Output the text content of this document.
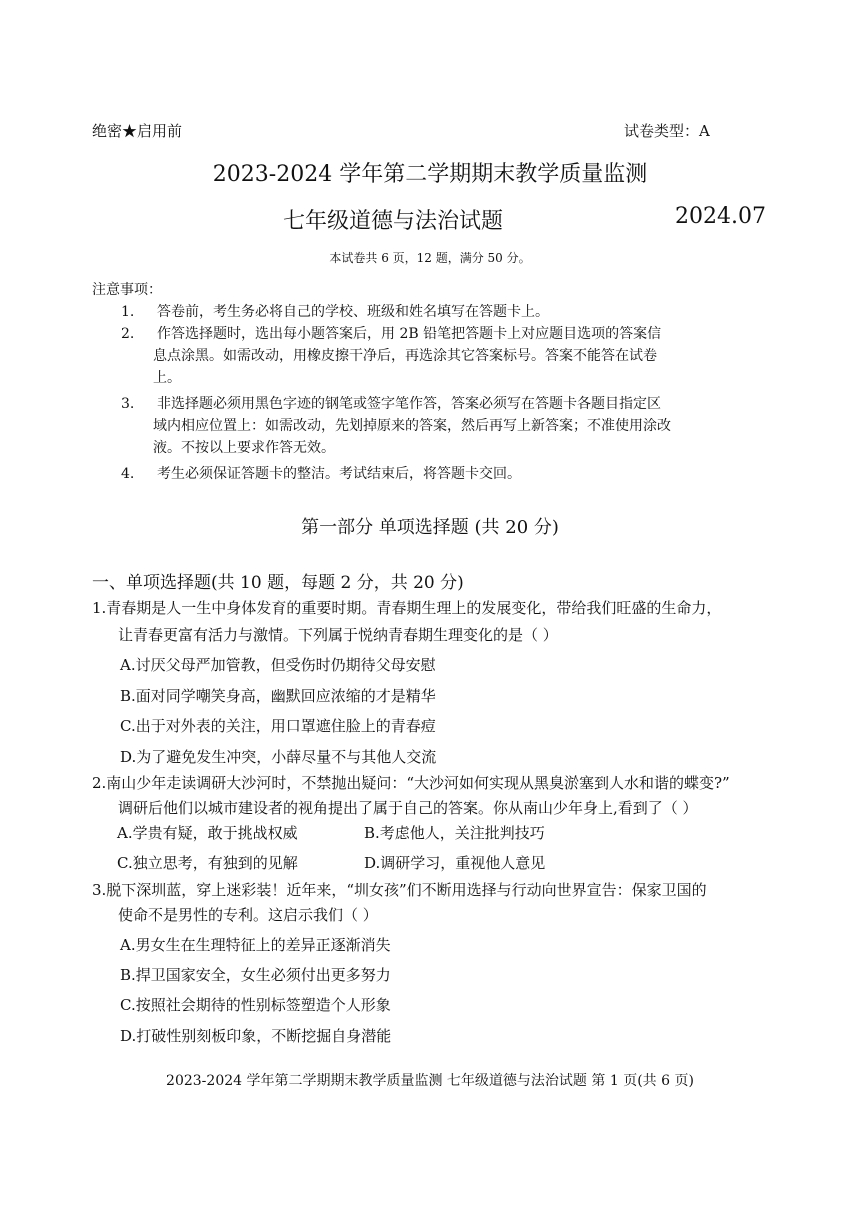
绝密★启用前	试卷类型：A
2023-2024 学年第二学期期末教学质量监测
七年级道德与法治试题	2024.07
本试卷共 6 页，12 题，满分 50 分。
注意事项：
1. 答卷前，考生务必将自己的学校、班级和姓名填写在答题卡上。
2. 作答选择题时，选出每小题答案后，用 2B 铅笔把答题卡上对应题目选项的答案信
息点涂黑。如需改动，用橡皮擦干净后，再选涂其它答案标号。答案不能答在试卷
上。
3. 非选择题必须用黑色字迹的钢笔或签字笔作答，答案必须写在答题卡各题目指定区
域内相应位置上：如需改动，先划掉原来的答案，然后再写上新答案；不准使用涂改
液。不按以上要求作答无效。
4. 考生必须保证答题卡的整洁。考试结束后，将答题卡交回。
第一部分 单项选择题 (共 20 分)
一、单项选择题(共 10 题，每题 2 分，共 20 分)
1.青春期是人一生中身体发育的重要时期。青春期生理上的发展变化，带给我们旺盛的生命力，
让青春更富有活力与激情。下列属于悦纳青春期生理变化的是（ ）
A.讨厌父母严加管教，但受伤时仍期待父母安慰
B.面对同学嘲笑身高，幽默回应浓缩的才是精华
C.出于对外表的关注，用口罩遮住脸上的青春痘
D.为了避免发生冲突，小薛尽量不与其他人交流
2.南山少年走读调研大沙河时，不禁抛出疑问：“大沙河如何实现从黑臭淤塞到人水和谐的蝶变?”
调研后他们以城市建设者的视角提出了属于自己的答案。你从南山少年身上,看到了（ ）
A.学贵有疑，敢于挑战权威	B.考虑他人，关注批判技巧
C.独立思考，有独到的见解	D.调研学习，重视他人意见
3.脱下深圳蓝，穿上迷彩装！近年来，“圳女孩”们不断用选择与行动向世界宣告：保家卫国的
使命不是男性的专利。这启示我们（ ）
A.男女生在生理特征上的差异正逐渐消失
B.捍卫国家安全，女生必须付出更多努力
C.按照社会期待的性别标签塑造个人形象
D.打破性别刻板印象，不断挖掘自身潜能
2023-2024 学年第二学期期末教学质量监测 七年级道德与法治试题 第 1 页(共 6 页)
